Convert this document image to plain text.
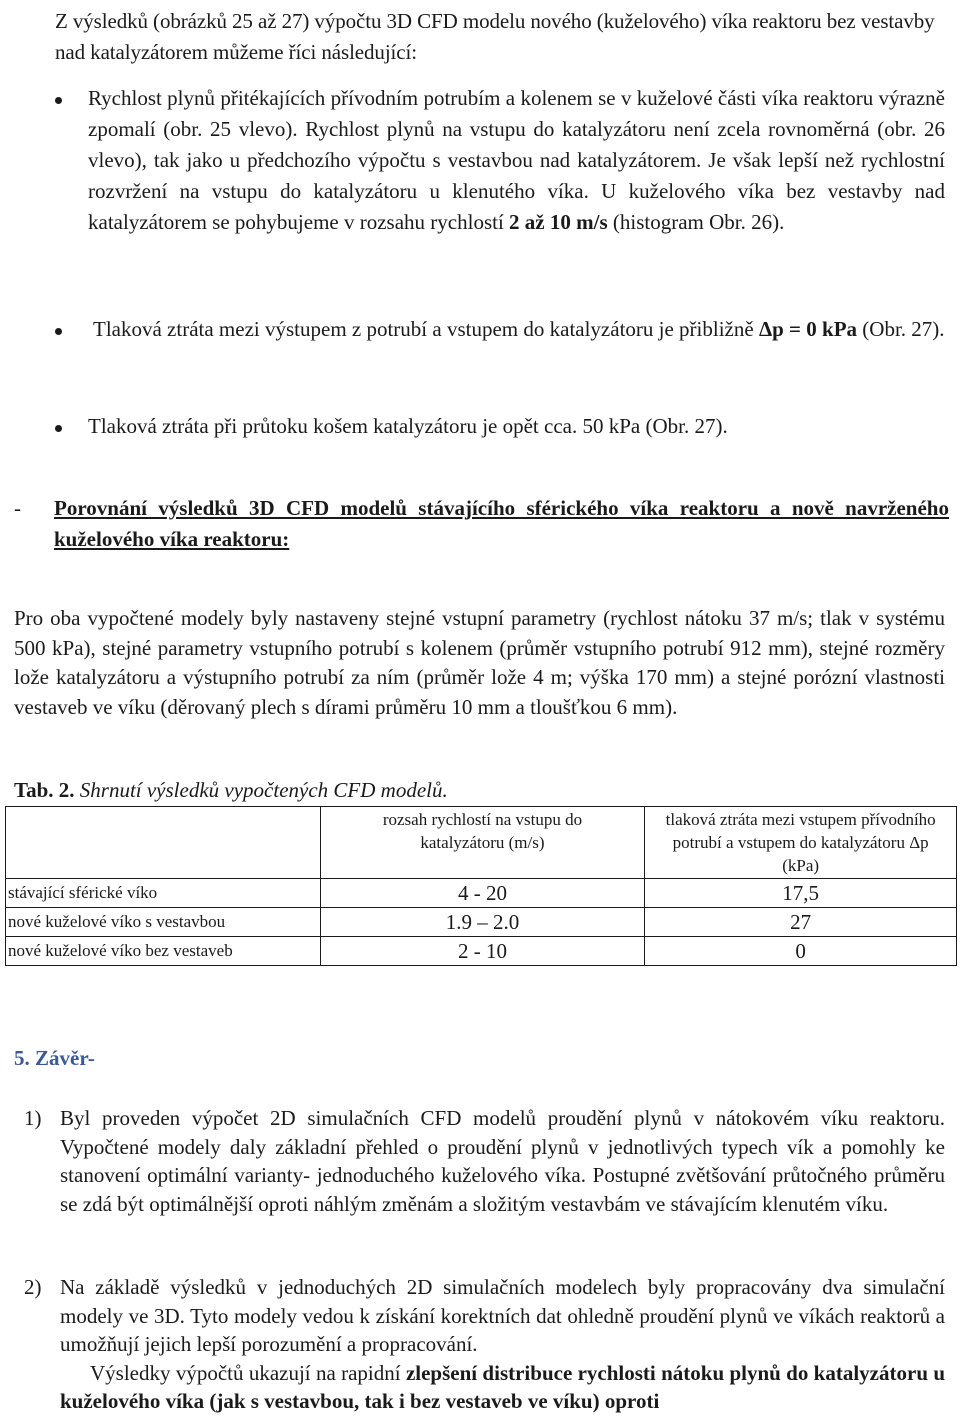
Z výsledků (obrázků 25 až 27) výpočtu 3D CFD modelu nového (kuželového) víka reaktoru bez vestavby nad katalyzátorem můžeme říci následující:
Rychlost plynů přitékajících přívodním potrubím a kolenem se v kuželové části víka reaktoru výrazně zpomalí (obr. 25 vlevo). Rychlost plynů na vstupu do katalyzátoru není zcela rovnoměrná (obr. 26 vlevo), tak jako u předchozího výpočtu s vestavbou nad katalyzátorem. Je však lepší než rychlostní rozvržení na vstupu do katalyzátoru u klenutého víka. U kuželového víka bez vestavby nad katalyzátorem se pohybujeme v rozsahu rychlostí 2 až 10 m/s (histogram Obr. 26).
Tlaková ztráta mezi výstupem z potrubí a vstupem do katalyzátoru je přibližně Δp = 0 kPa (Obr. 27).
Tlaková ztráta při průtoku košem katalyzátoru je opět cca. 50 kPa (Obr. 27).
- Porovnání výsledků 3D CFD modelů stávajícího sférického víka reaktoru a nově navrženého kuželového víka reaktoru:
Pro oba vypočtené modely byly nastaveny stejné vstupní parametry (rychlost nátoku 37 m/s; tlak v systému 500 kPa), stejné parametry vstupního potrubí s kolenem (průměr vstupního potrubí 912 mm), stejné rozměry lože katalyzátoru a výstupního potrubí za ním (průměr lože 4 m; výška 170 mm) a stejné porózní vlastnosti vestaveb ve víku (děrovaný plech s dírami průměru 10 mm a tloušťkou 6 mm).
Tab. 2. Shrnutí výsledků vypočtených CFD modelů.
	rozsah rychlostí na vstupu do katalyzátoru (m/s)	tlaková ztráta mezi vstupem přívodního potrubí a vstupem do katalyzátoru Δp (kPa)
stávající sférické víko	4 - 20	17,5
nové kuželové víko s vestavbou	1.9 – 2.0	27
nové kuželové víko bez vestaveb	2 - 10	0
5. Závěr-
1) Byl proveden výpočet 2D simulačních CFD modelů proudění plynů v nátokovém víku reaktoru. Vypočtené modely daly základní přehled o proudění plynů v jednotlivých typech vík a pomohly ke stanovení optimální varianty- jednoduchého kuželového víka. Postupné zvětšování průtočného průměru se zdá být optimálnější oproti náhlým změnám a složitým vestavbám ve stávajícím klenutém víku.
2) Na základě výsledků v jednoduchých 2D simulačních modelech byly propracovány dva simulační modely ve 3D. Tyto modely vedou k získání korektních dat ohledně proudění plynů ve víkách reaktorů a umožňují jejich lepší porozumění a propracování.
Výsledky výpočtů ukazují na rapidní zlepšení distribuce rychlosti nátoku plynů do katalyzátoru u kuželového víka (jak s vestavbou, tak i bez vestaveb ve víku) oproti
